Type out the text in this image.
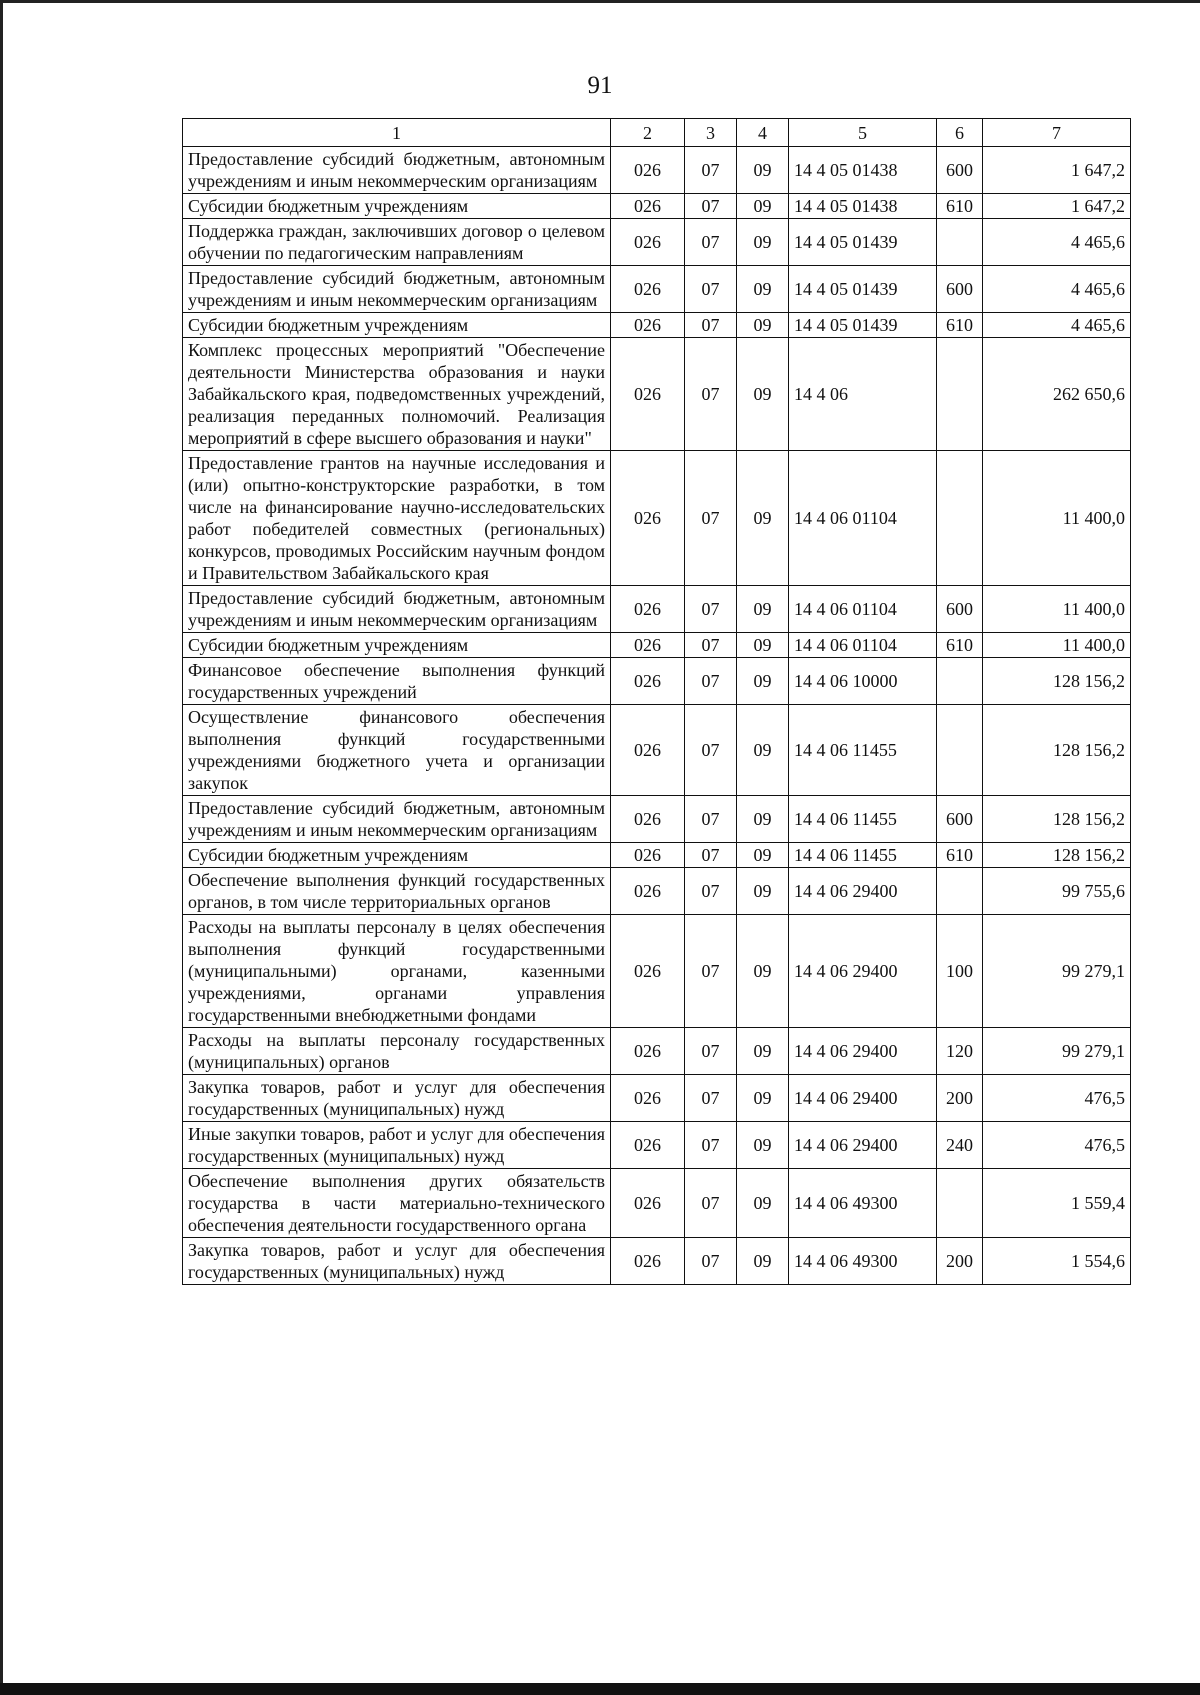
91
1	2	3	4	5	6	7
Предоставление субсидий бюджетным, автономным учреждениям и иным некоммерческим организациям	026	07	09	14 4 05 01438	600	1 647,2
Субсидии бюджетным учреждениям	026	07	09	14 4 05 01438	610	1 647,2
Поддержка граждан, заключивших договор о целевом обучении по педагогическим направлениям	026	07	09	14 4 05 01439		4 465,6
Предоставление субсидий бюджетным, автономным учреждениям и иным некоммерческим организациям	026	07	09	14 4 05 01439	600	4 465,6
Субсидии бюджетным учреждениям	026	07	09	14 4 05 01439	610	4 465,6
Комплекс процессных мероприятий "Обеспечение деятельности Министерства образования и науки Забайкальского края, подведомственных учреждений, реализация переданных полномочий. Реализация мероприятий в сфере высшего образования и науки"	026	07	09	14 4 06		262 650,6
Предоставление грантов на научные исследования и (или) опытно-конструкторские разработки, в том числе на финансирование научно-исследовательских работ победителей совместных (региональных) конкурсов, проводимых Российским научным фондом и Правительством Забайкальского края	026	07	09	14 4 06 01104		11 400,0
Предоставление субсидий бюджетным, автономным учреждениям и иным некоммерческим организациям	026	07	09	14 4 06 01104	600	11 400,0
Субсидии бюджетным учреждениям	026	07	09	14 4 06 01104	610	11 400,0
Финансовое обеспечение выполнения функций государственных учреждений	026	07	09	14 4 06 10000		128 156,2
Осуществление финансового обеспечения выполнения функций государственными учреждениями бюджетного учета и организации закупок	026	07	09	14 4 06 11455		128 156,2
Предоставление субсидий бюджетным, автономным учреждениям и иным некоммерческим организациям	026	07	09	14 4 06 11455	600	128 156,2
Субсидии бюджетным учреждениям	026	07	09	14 4 06 11455	610	128 156,2
Обеспечение выполнения функций государственных органов, в том числе территориальных органов	026	07	09	14 4 06 29400		99 755,6
Расходы на выплаты персоналу в целях обеспечения выполнения функций государственными (муниципальными) органами, казенными учреждениями, органами управления государственными внебюджетными фондами	026	07	09	14 4 06 29400	100	99 279,1
Расходы на выплаты персоналу государственных (муниципальных) органов	026	07	09	14 4 06 29400	120	99 279,1
Закупка товаров, работ и услуг для обеспечения государственных (муниципальных) нужд	026	07	09	14 4 06 29400	200	476,5
Иные закупки товаров, работ и услуг для обеспечения государственных (муниципальных) нужд	026	07	09	14 4 06 29400	240	476,5
Обеспечение выполнения других обязательств государства в части материально-технического обеспечения деятельности государственного органа	026	07	09	14 4 06 49300		1 559,4
Закупка товаров, работ и услуг для обеспечения государственных (муниципальных) нужд	026	07	09	14 4 06 49300	200	1 554,6
